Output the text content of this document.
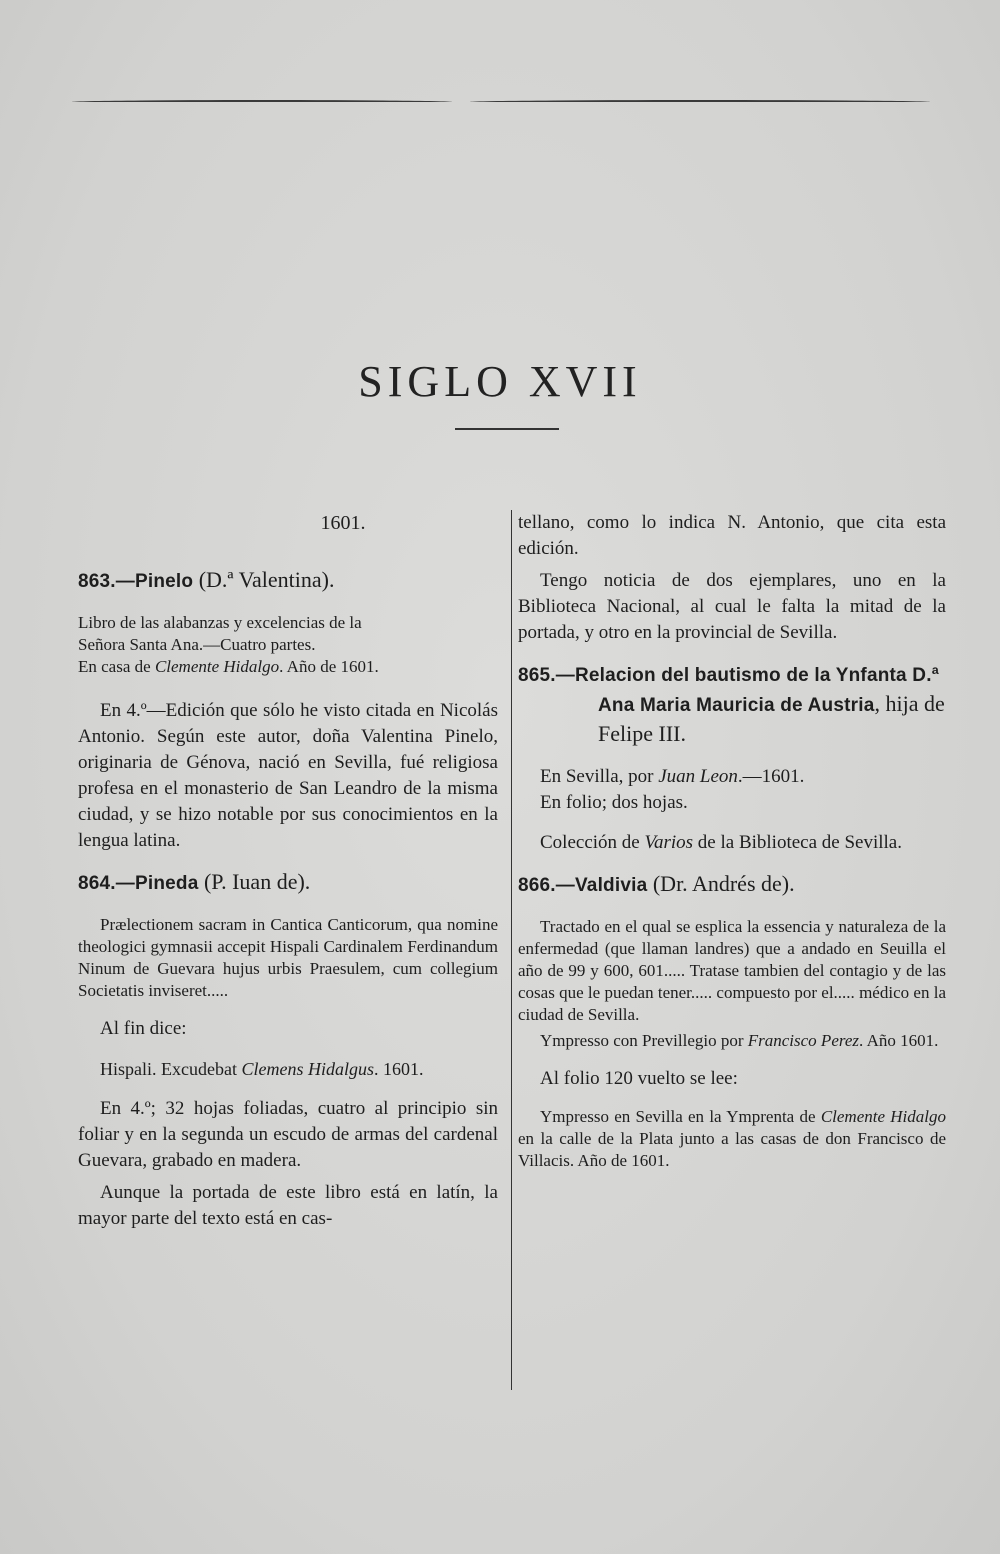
SIGLO XVII
1601.
863.—Pinelo (D.ª Valentina).

Libro de las alabanzas y excelencias de la

Señora Santa Ana.—Cuatro partes.

En casa de Clemente Hidalgo. Año de 1601.

En 4.º—Edición que sólo he visto citada en Nicolás Antonio. Según este autor, doña Valentina Pinelo, originaria de Génova, nació en Sevilla, fué religiosa profesa en el monasterio de San Leandro de la misma ciudad, y se hizo notable por sus conocimientos en la lengua latina.

864.—Pineda (P. Iuan de).

Prælectionem sacram in Cantica Canticorum, qua nomine theologici gymnasii accepit Hispali Cardinalem Ferdinandum Ninum de Guevara hujus urbis Praesulem, cum collegium Societatis inviseret.....

Al fin dice:

Hispali. Excudebat Clemens Hidalgus. 1601.

En 4.º; 32 hojas foliadas, cuatro al principio sin foliar y en la segunda un escudo de armas del cardenal Guevara, grabado en madera.

Aunque la portada de este libro está en latín, la mayor parte del texto está en cas-

tellano, como lo indica N. Antonio, que cita esta edición.

Tengo noticia de dos ejemplares, uno en la Biblioteca Nacional, al cual le falta la mitad de la portada, y otro en la provincial de Sevilla.

865.—Relacion del bautismo de la Ynfanta D.ª Ana Maria Mauricia de Austria, hija de Felipe III.

En Sevilla, por Juan Leon.—1601.

En folio; dos hojas.

Colección de Varios de la Biblioteca de Sevilla.

866.—Valdivia (Dr. Andrés de).

Tractado en el qual se esplica la essencia y naturaleza de la enfermedad (que llaman landres) que a andado en Seuilla el año de 99 y 600, 601..... Tratase tambien del contagio y de las cosas que le puedan tener..... compuesto por el..... médico en la ciudad de Sevilla.

Ympresso con Previllegio por Francisco Perez. Año 1601.

Al folio 120 vuelto se lee:

Ympresso en Sevilla en la Ymprenta de Clemente Hidalgo en la calle de la Plata junto a las casas de don Francisco de Villacis. Año de 1601.
